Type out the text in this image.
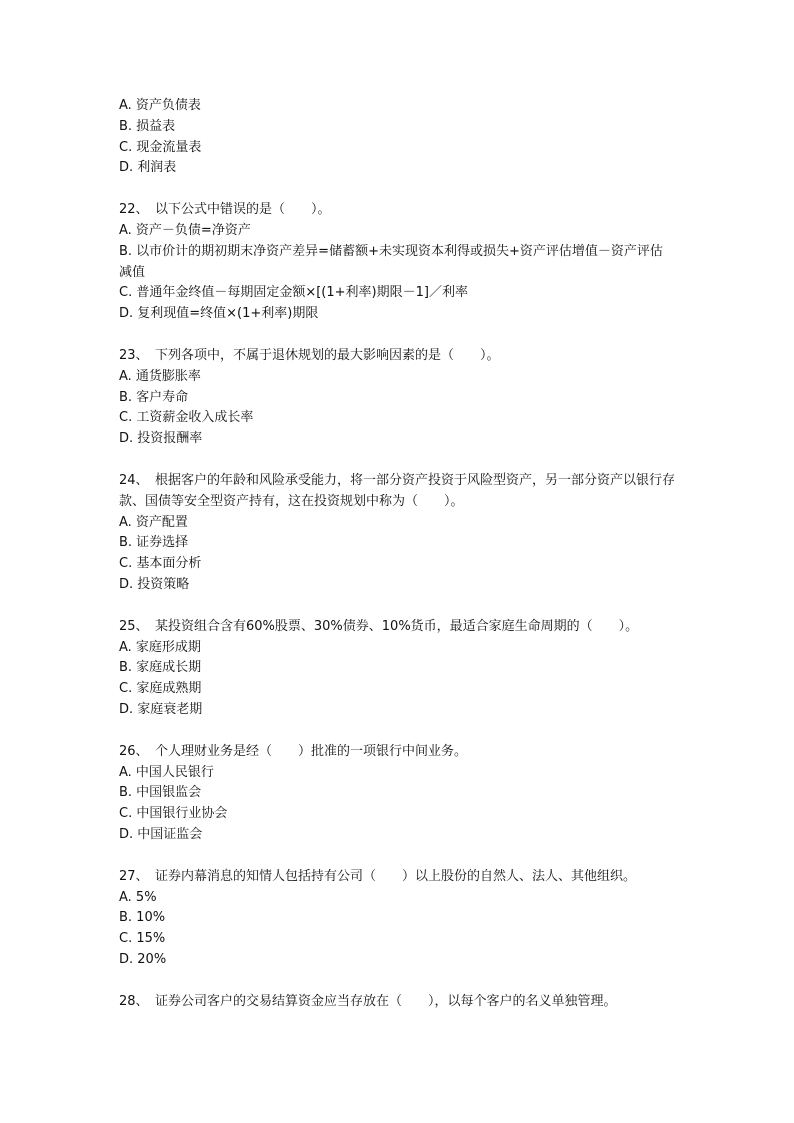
A. 资产负债表
B. 损益表
C. 现金流量表
D. 利润表
22、 以下公式中错误的是（　　）。
A. 资产－负债=净资产
B. 以市价计的期初期末净资产差异=储蓄额+未实现资本利得或损失+资产评估增值－资产评估减值
C. 普通年金终值－每期固定金额×[(1+利率)期限－1]／利率
D. 复利现值=终值×(1+利率)期限
23、 下列各项中，不属于退休规划的最大影响因素的是（　　）。
A. 通货膨胀率
B. 客户寿命
C. 工资薪金收入成长率
D. 投资报酬率
24、 根据客户的年龄和风险承受能力，将一部分资产投资于风险型资产，另一部分资产以银行存款、国债等安全型资产持有，这在投资规划中称为（　　）。
A. 资产配置
B. 证券选择
C. 基本面分析
D. 投资策略
25、 某投资组合含有60%股票、30%债券、10%货币，最适合家庭生命周期的（　　）。
A. 家庭形成期
B. 家庭成长期
C. 家庭成熟期
D. 家庭衰老期
26、 个人理财业务是经（　　）批准的一项银行中间业务。
A. 中国人民银行
B. 中国银监会
C. 中国银行业协会
D. 中国证监会
27、 证券内幕消息的知情人包括持有公司（　　）以上股份的自然人、法人、其他组织。
A. 5%
B. 10%
C. 15%
D. 20%
28、 证券公司客户的交易结算资金应当存放在（　　），以每个客户的名义单独管理。
